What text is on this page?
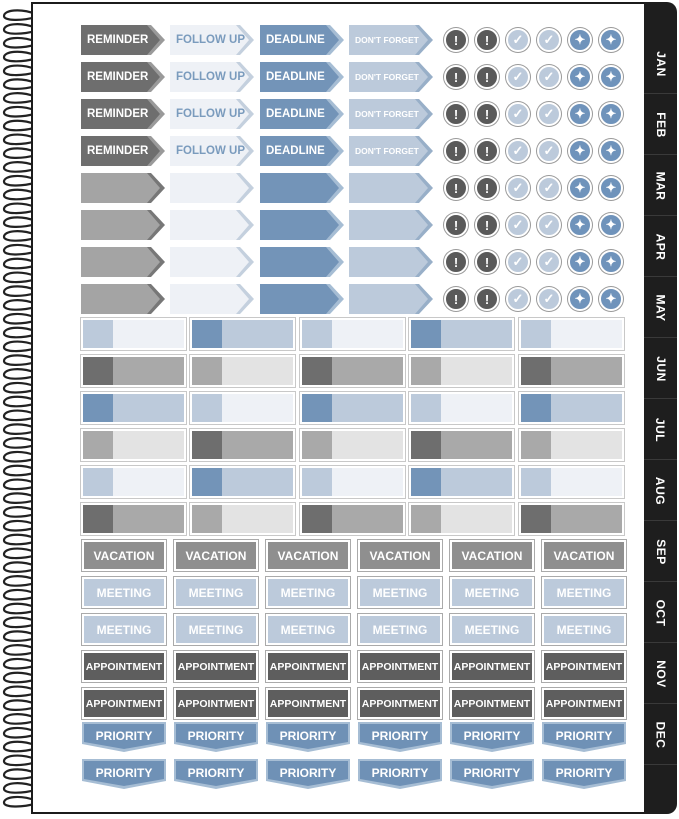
JAN
FEB
MAR
APR
MAY
JUN
JUL
AUG
SEP
OCT
NOV
DEC
REMINDER FOLLOW UP DEADLINE	DON'T FORGET
REMINDER FOLLOW UP DEADLINE	DON'T FORGET
REMINDER FOLLOW UP DEADLINE	DON'T FORGET
REMINDER FOLLOW UP DEADLINE	DON'T FORGET
!	!	✓	✓	✦	✦
!	!	✓	✓	✦	✦
!	!	✓	✓	✦	✦
!	!	✓	✓	✦	✦
!	!	✓	✓	✦	✦
!	!	✓	✓	✦	✦
!	!	✓	✓	✦	✦
!	!	✓	✓	✦	✦
VACATION	VACATION	VACATION	VACATION	VACATION	VACATION
MEETING	MEETING	MEETING	MEETING	MEETING	MEETING
MEETING	MEETING	MEETING	MEETING	MEETING	MEETING
APPOINTMENT APPOINTMENT APPOINTMENT APPOINTMENT APPOINTMENT APPOINTMENT
APPOINTMENT APPOINTMENT APPOINTMENT APPOINTMENT APPOINTMENT APPOINTMENT
PRIORITY	PRIORITY	PRIORITY	PRIORITY	PRIORITY	PRIORITY
PRIORITY	PRIORITY	PRIORITY	PRIORITY	PRIORITY	PRIORITY
